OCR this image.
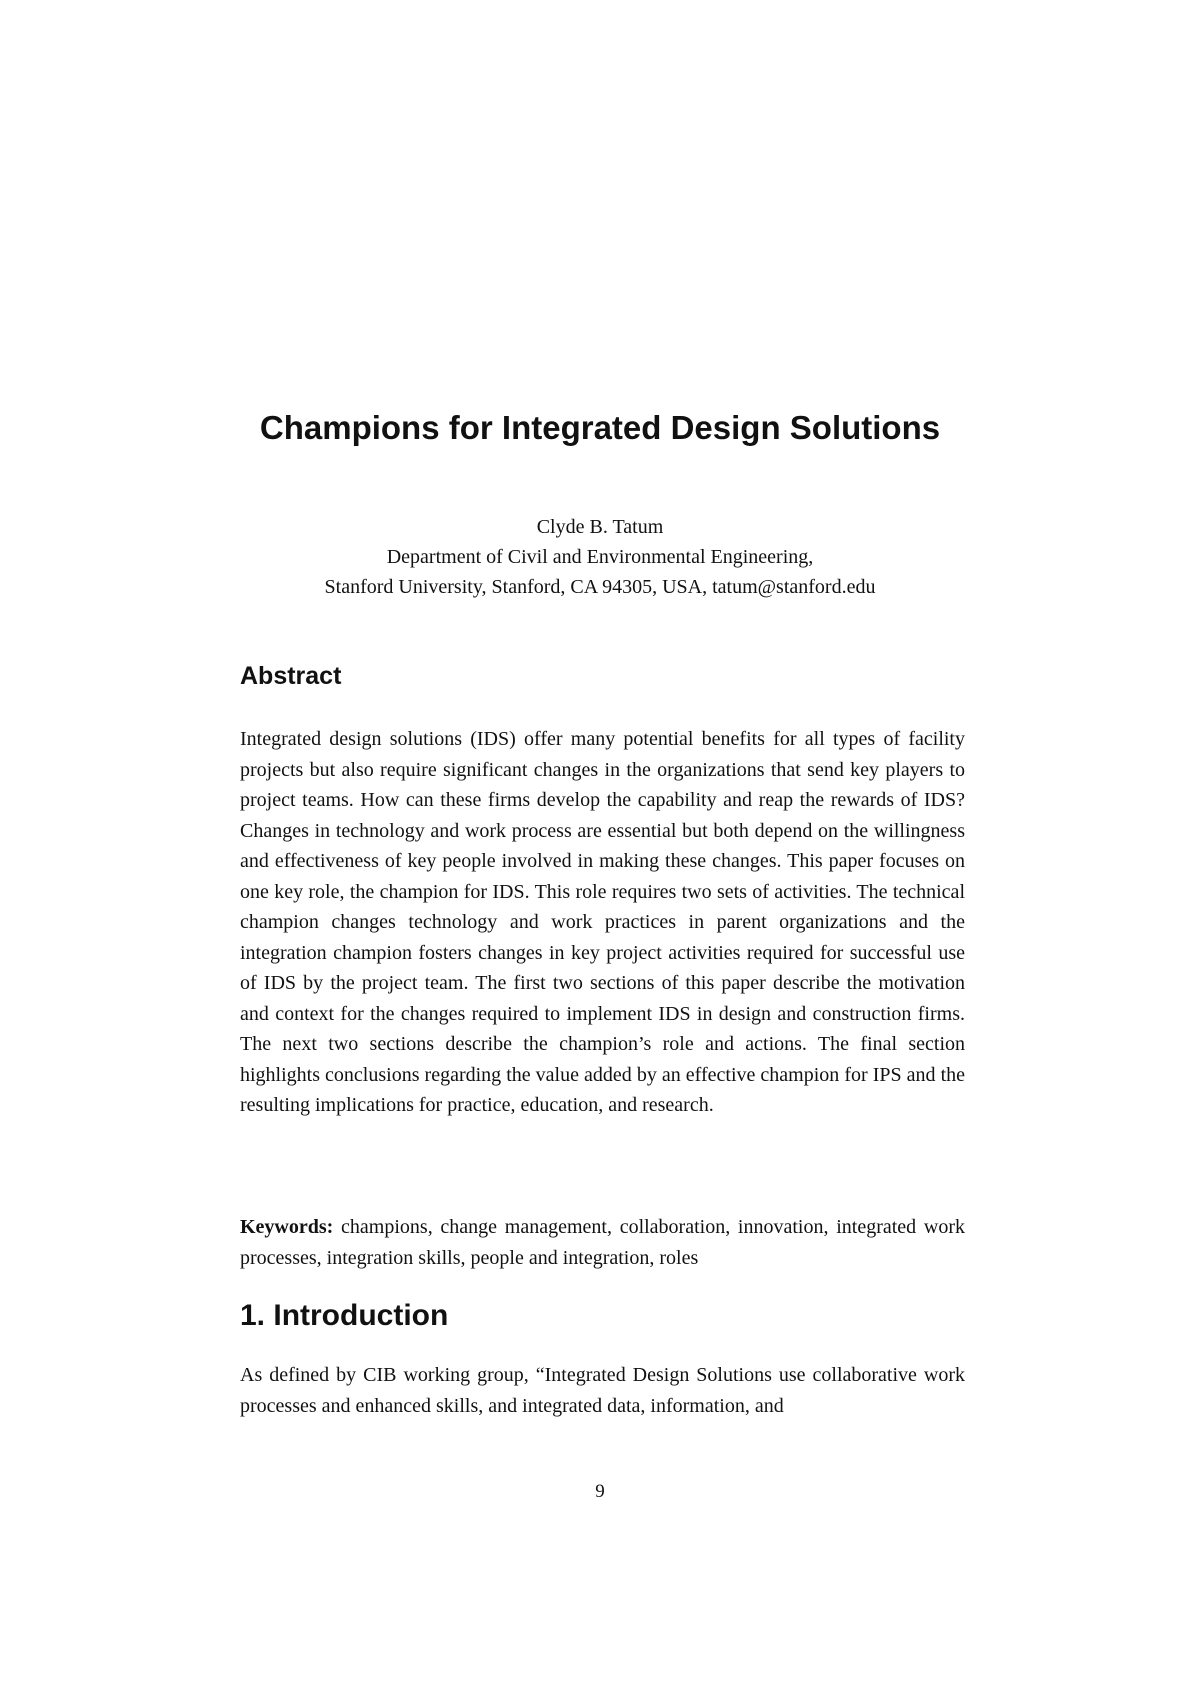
Champions for Integrated Design Solutions
Clyde B. Tatum
Department of Civil and Environmental Engineering,
Stanford University, Stanford, CA 94305, USA, tatum@stanford.edu
Abstract

Integrated design solutions (IDS) offer many potential benefits for all types of facility projects but also require significant changes in the organizations that send key players to project teams. How can these firms develop the capability and reap the rewards of IDS? Changes in technology and work process are essential but both depend on the willingness and effectiveness of key people involved in making these changes. This paper focuses on one key role, the champion for IDS. This role requires two sets of activities. The technical champion changes technology and work practices in parent organizations and the integration champion fosters changes in key project activities required for successful use of IDS by the project team. The first two sections of this paper describe the motivation and context for the changes required to implement IDS in design and construction firms. The next two sections describe the champion’s role and actions. The final section highlights conclusions regarding the value added by an effective champion for IPS and the resulting implications for practice, education, and research.

Keywords: champions, change management, collaboration, innovation, integrated work processes, integration skills, people and integration, roles

1. Introduction

As defined by CIB working group, “Integrated Design Solutions use collaborative work processes and enhanced skills, and integrated data, information, and

9
